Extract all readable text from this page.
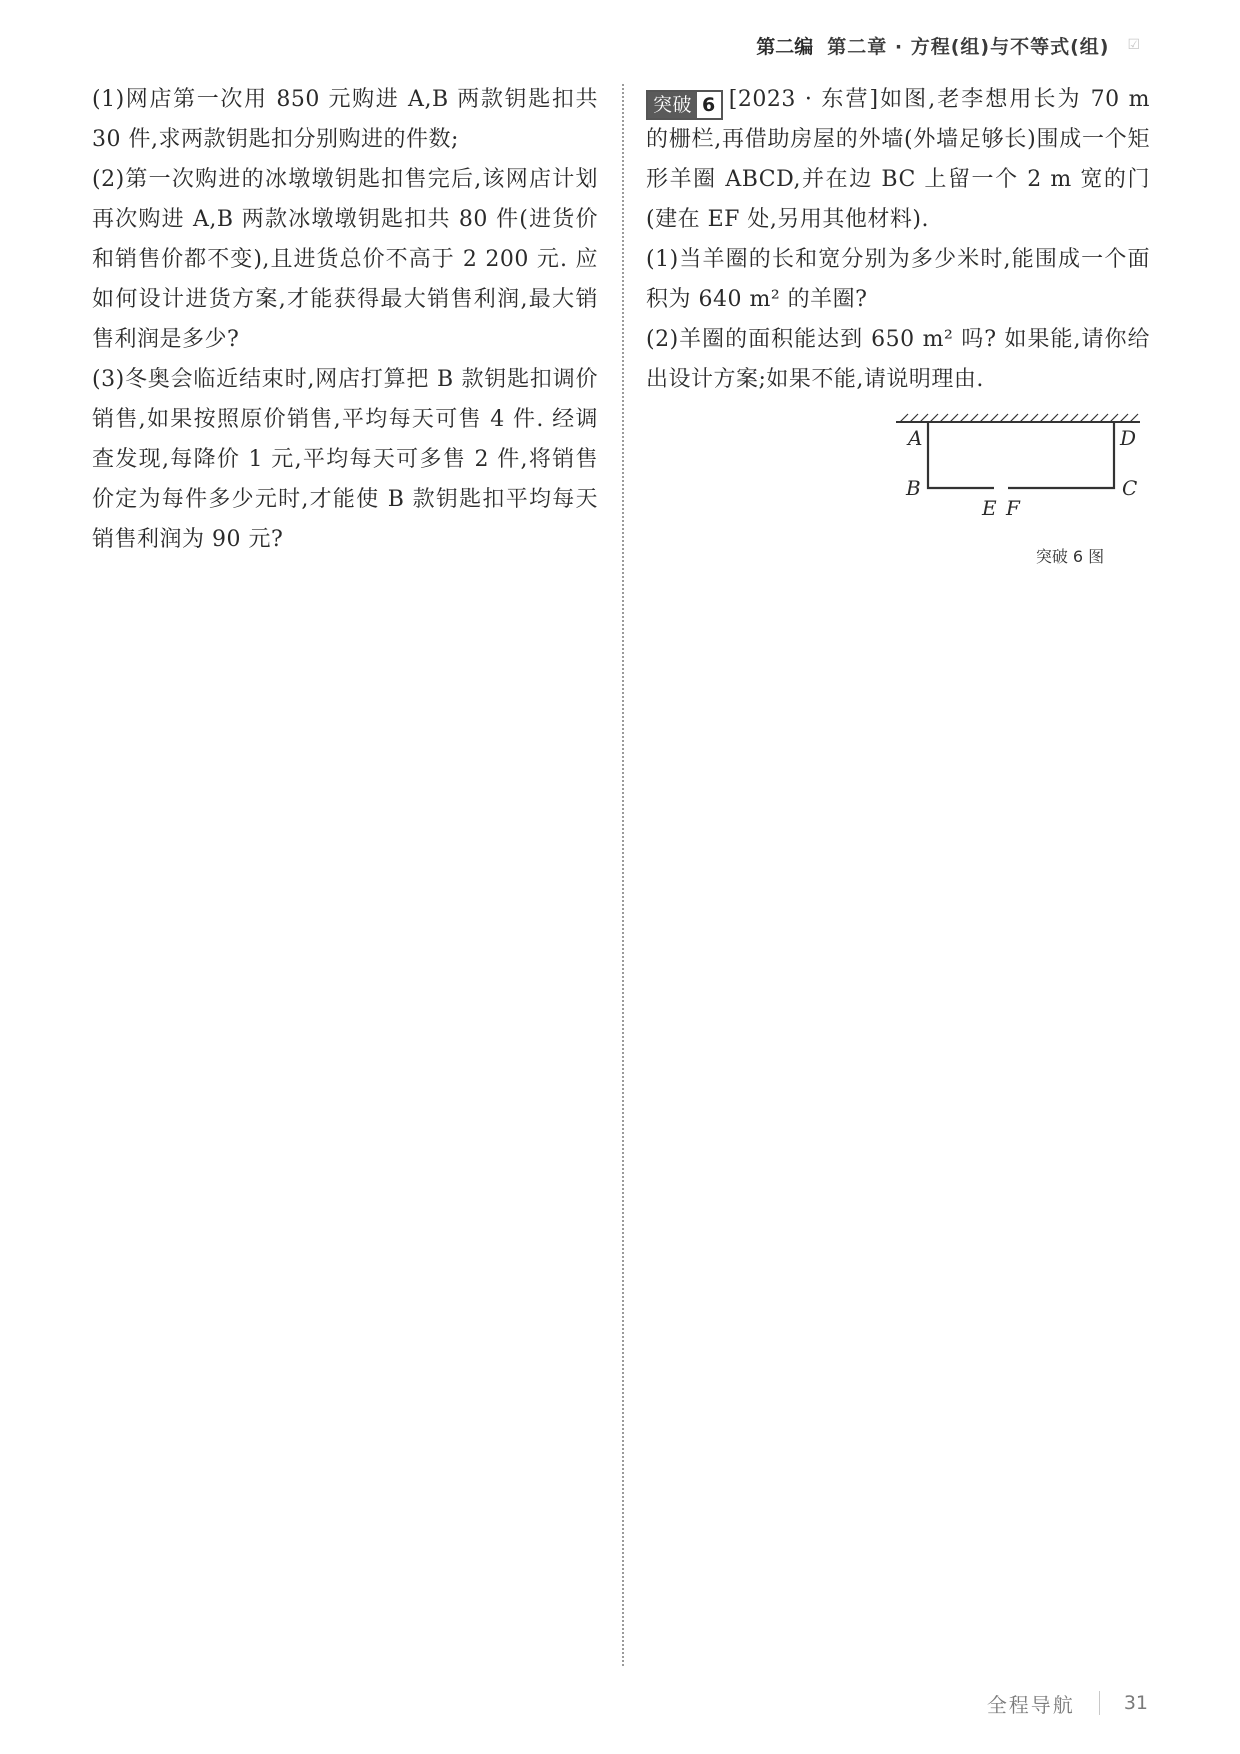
第二编 第二章 · 方程(组)与不等式(组) ☑

(1)网店第一次用 850 元购进 A,B 两款钥匙扣共 30 件,求两款钥匙扣分别购进的件数;

(2)第一次购进的冰墩墩钥匙扣售完后,该网店计划再次购进 A,B 两款冰墩墩钥匙扣共 80 件(进货价和销售价都不变),且进货总价不高于 2 200 元. 应如何设计进货方案,才能获得最大销售利润,最大销售利润是多少?

(3)冬奥会临近结束时,网店打算把 B 款钥匙扣调价销售,如果按照原价销售,平均每天可售 4 件. 经调查发现,每降价 1 元,平均每天可多售 2 件,将销售价定为每件多少元时,才能使 B 款钥匙扣平均每天销售利润为 90 元?

突破 6 [2023 · 东营]如图,老李想用长为 70 m 的栅栏,再借助房屋的外墙(外墙足够长)围成一个矩形羊圈 ABCD,并在边 BC 上留一个 2 m 宽的门(建在 EF 处,另用其他材料).

(1)当羊圈的长和宽分别为多少米时,能围成一个面积为 640 m² 的羊圈?

(2)羊圈的面积能达到 650 m² 吗? 如果能,请你给出设计方案;如果不能,请说明理由.

A	D
B	C
E F
突破 6 图
全程导航	31
